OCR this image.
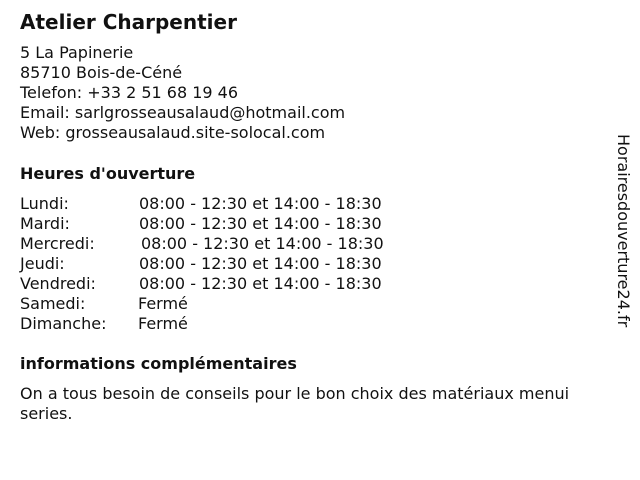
Atelier Charpentier
5 La Papinerie
85710 Bois-de-Céné
Telefon: +33 2 51 68 19 46
Email: sarlgrosseausalaud@hotmail.com
Web: grosseausalaud.site-solocal.com
Heures d'ouverture
Lundi:	08:00 - 12:30 et 14:00 - 18:30
Mardi:	08:00 - 12:30 et 14:00 - 18:30
Mercredi:	08:00 - 12:30 et 14:00 - 18:30
Jeudi:	08:00 - 12:30 et 14:00 - 18:30
Vendredi:	08:00 - 12:30 et 14:00 - 18:30
Samedi:	Fermé
Dimanche: Fermé
informations complémentaires
On a tous besoin de conseils pour le bon choix des matériaux menui series.
Horairesdouverture24.fr
